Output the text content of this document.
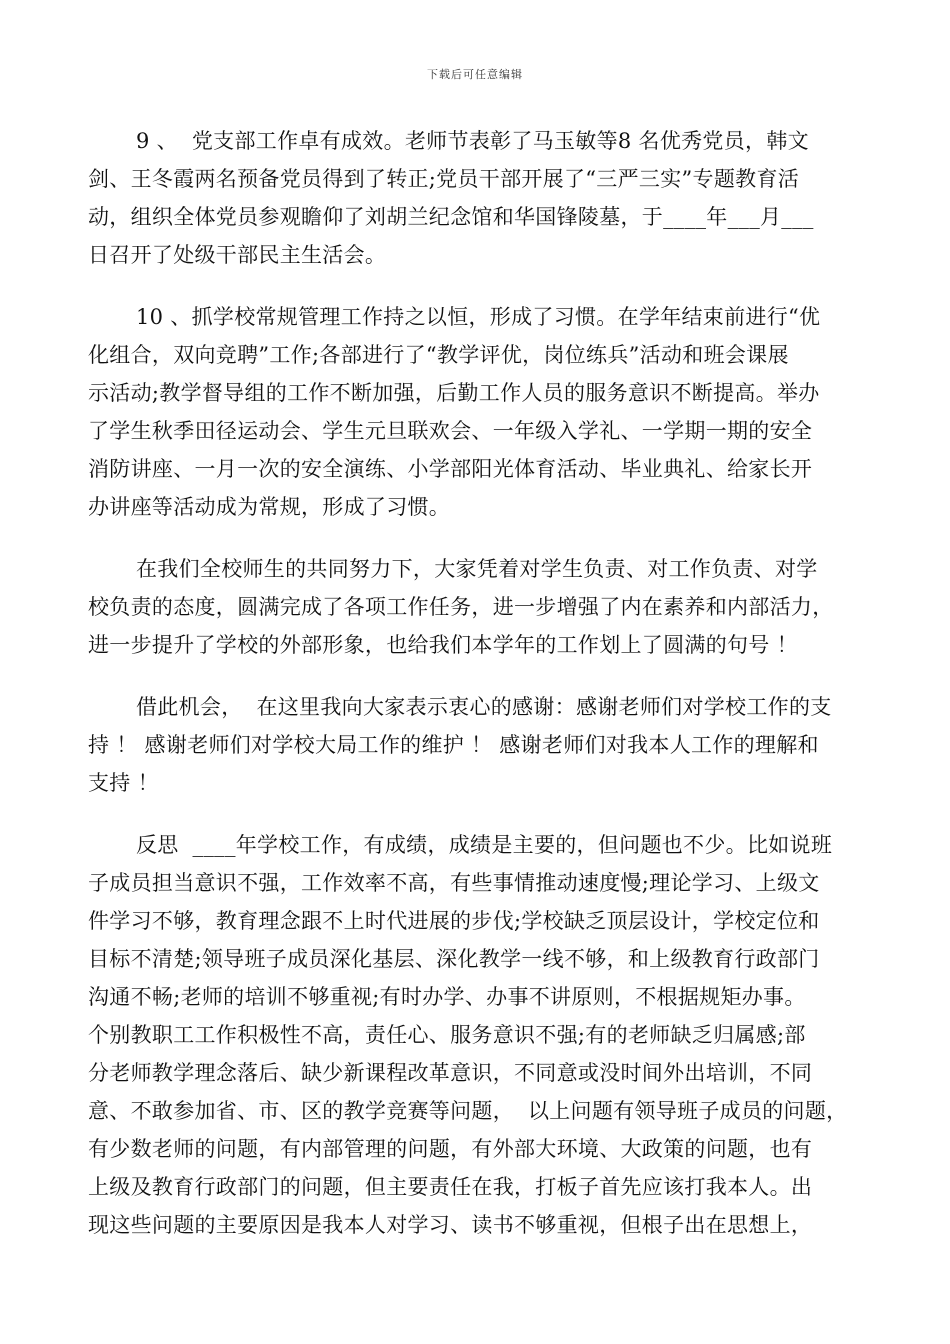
下载后可任意编辑

9 、  党支部工作卓有成效。老师节表彰了马玉敏等8 名优秀党员，韩文
剑、王冬霞两名预备党员得到了转正;党员干部开展了“三严三实”专题教育活
动，组织全体党员参观瞻仰了刘胡兰纪念馆和华国锋陵墓，于____年___月___
日召开了处级干部民主生活会。

10 、抓学校常规管理工作持之以恒，形成了习惯。在学年结束前进行“优
化组合，双向竞聘”工作;各部进行了“教学评优，岗位练兵”活动和班会课展
示活动;教学督导组的工作不断加强，后勤工作人员的服务意识不断提高。举办
了学生秋季田径运动会、学生元旦联欢会、一年级入学礼、一学期一期的安全
消防讲座、一月一次的安全演练、小学部阳光体育活动、毕业典礼、给家长开
办讲座等活动成为常规，形成了习惯。

在我们全校师生的共同努力下，大家凭着对学生负责、对工作负责、对学
校负责的态度，圆满完成了各项工作任务，进一步增强了内在素养和内部活力，
进一步提升了学校的外部形象，也给我们本学年的工作划上了圆满的句号 ！

借此机会，  在这里我向大家表示衷心的感谢：感谢老师们对学校工作的支
持 ！ 感谢老师们对学校大局工作的维护 ！ 感谢老师们对我本人工作的理解和
支持 ！

反思  ____年学校工作，有成绩，成绩是主要的，但问题也不少。比如说班
子成员担当意识不强，工作效率不高，有些事情推动速度慢;理论学习、上级文
件学习不够，教育理念跟不上时代进展的步伐;学校缺乏顶层设计，学校定位和
目标不清楚;领导班子成员深化基层、深化教学一线不够，和上级教育行政部门
沟通不畅;老师的培训不够重视;有时办学、办事不讲原则，不根据规矩办事。
个别教职工工作积极性不高，责任心、服务意识不强;有的老师缺乏归属感;部
分老师教学理念落后、缺少新课程改革意识，不同意或没时间外出培训，不同
意、不敢参加省、市、区的教学竞赛等问题，  以上问题有领导班子成员的问题，
有少数老师的问题，有内部管理的问题，有外部大环境、大政策的问题，也有
上级及教育行政部门的问题，但主要责任在我，打板子首先应该打我本人。出
现这些问题的主要原因是我本人对学习、读书不够重视，但根子出在思想上，
